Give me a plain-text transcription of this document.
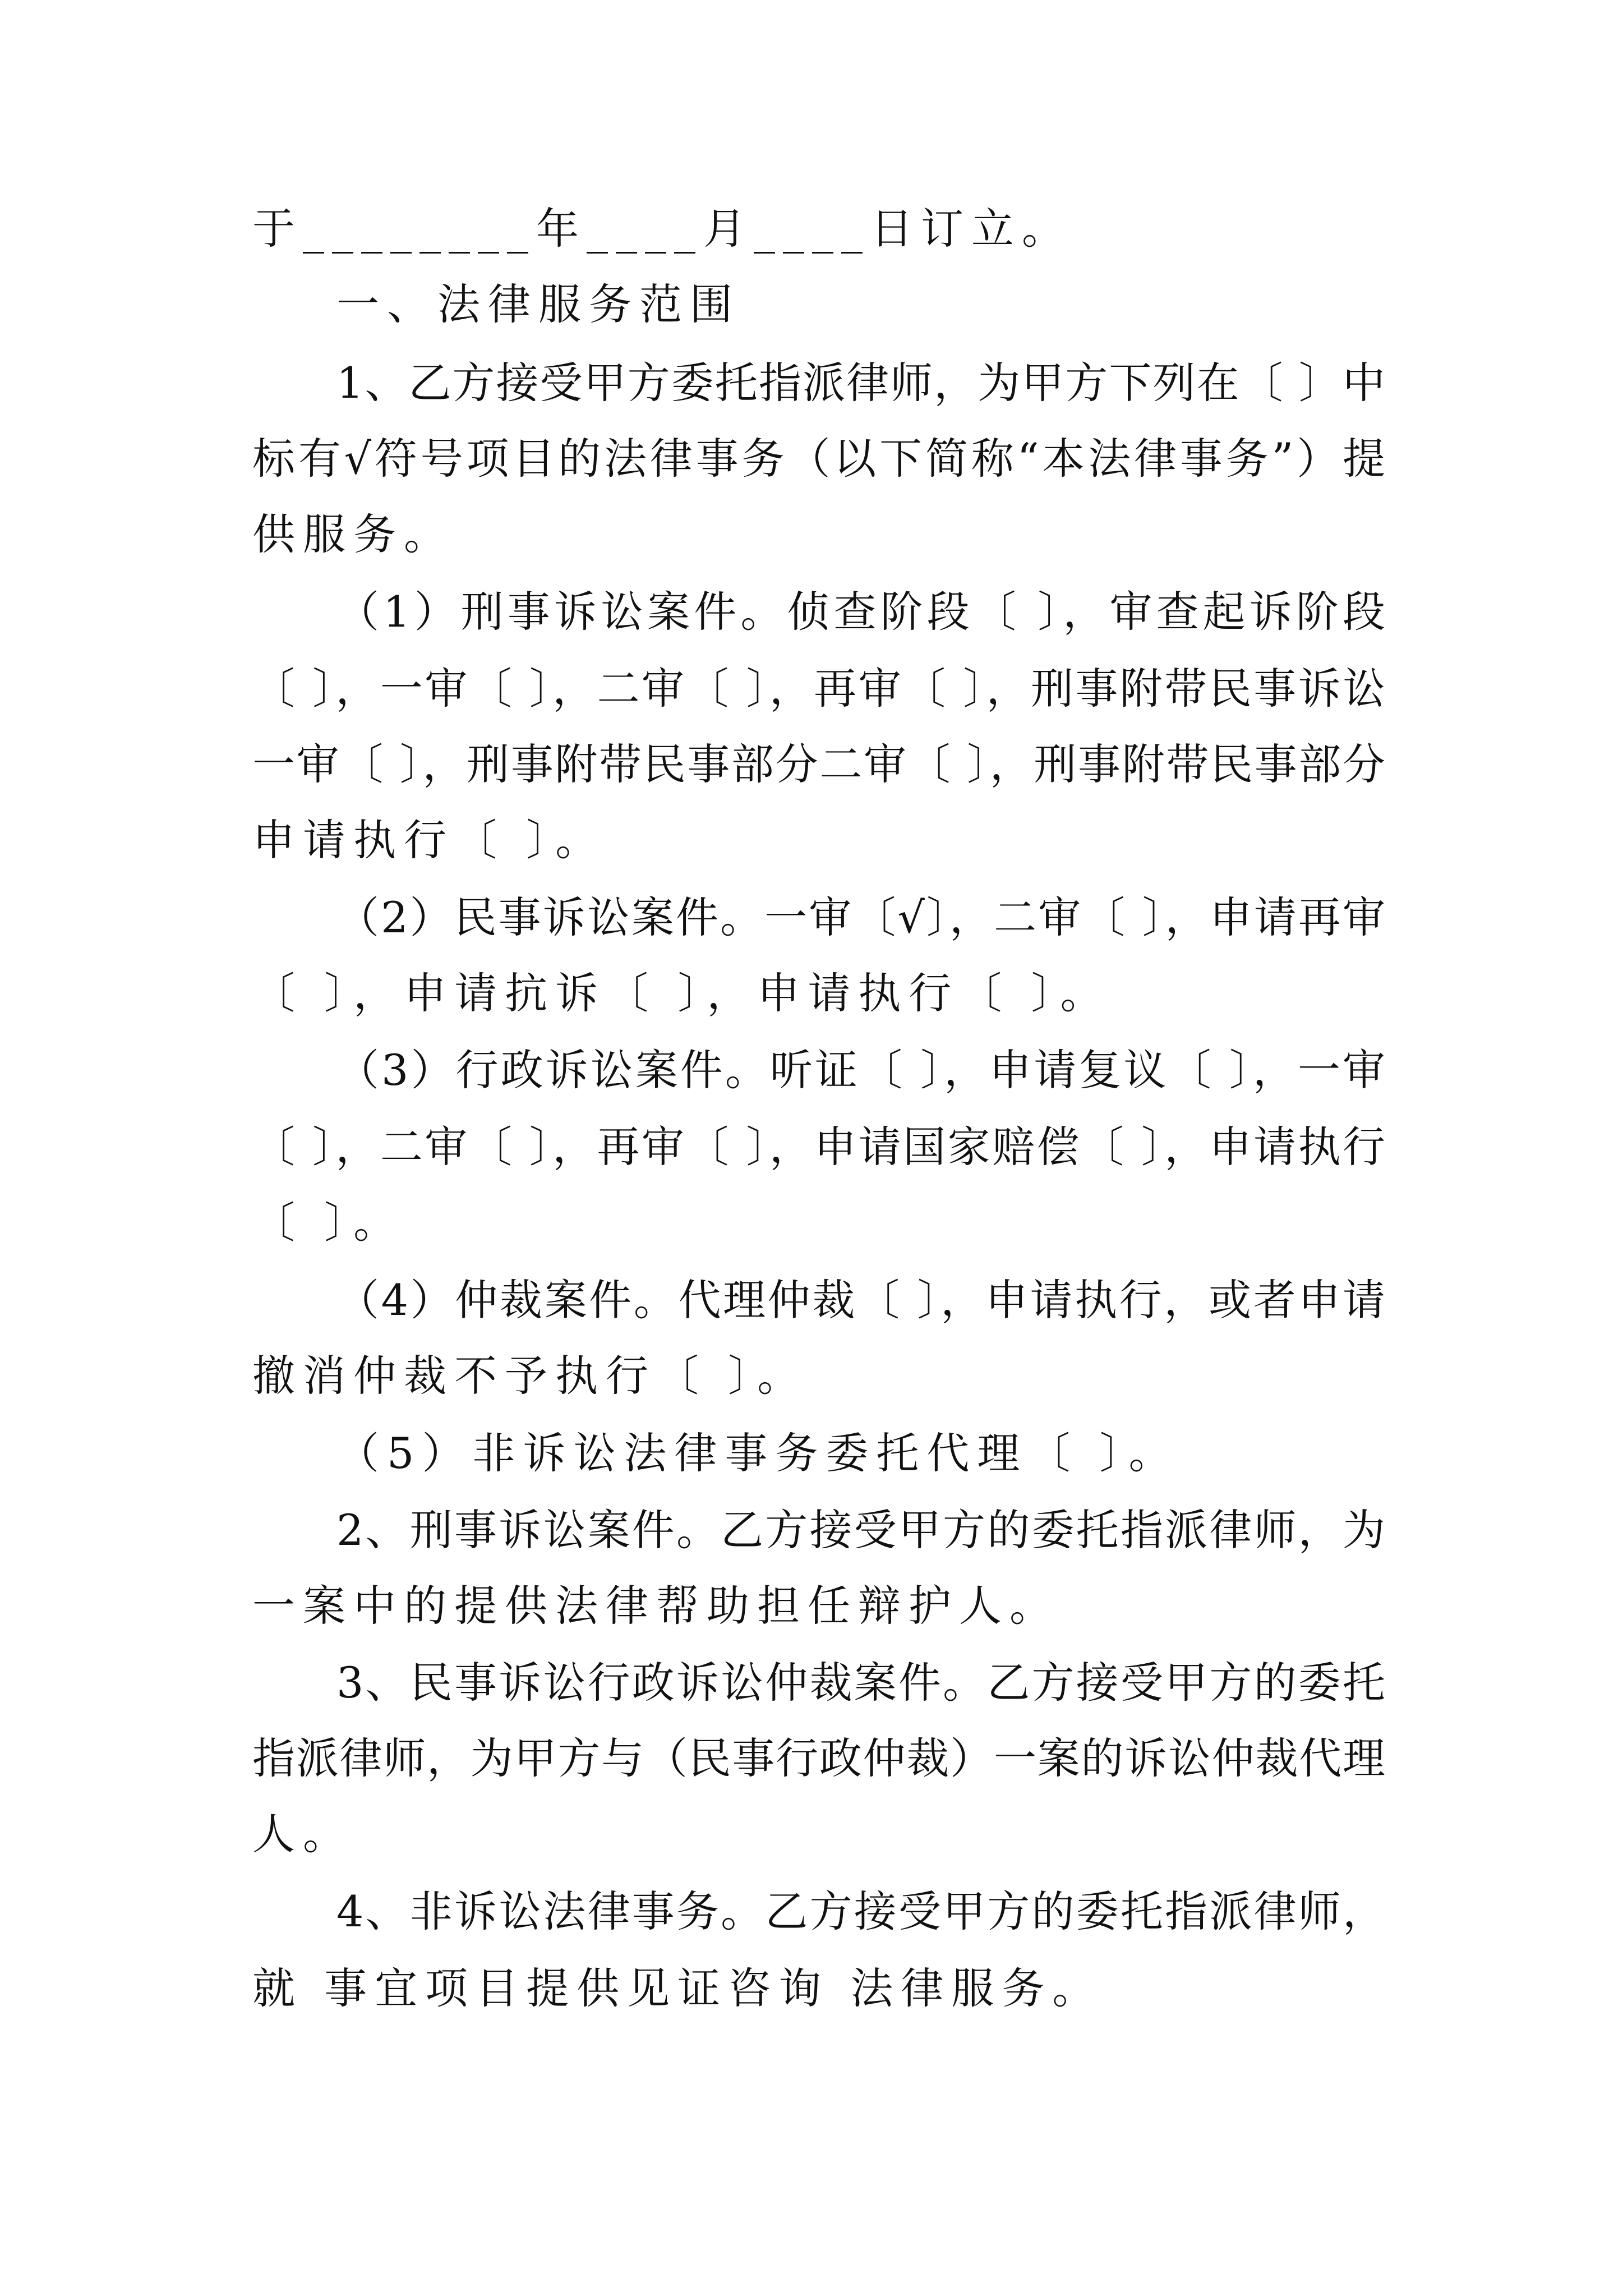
于________年____月____日订立。
一、法律服务范围
1、乙方接受甲方委托指派律师，为甲方下列在〔 〕中
标有√符号项目的法律事务（以下简称“本法律事务”）提
供服务。
（1）刑事诉讼案件。侦查阶段〔 〕，审查起诉阶段
〔 〕，一审〔 〕，二审〔 〕，再审〔 〕，刑事附带民事诉讼
一审〔 〕，刑事附带民事部分二审〔 〕，刑事附带民事部分
申请执行〔 〕。
（2）民事诉讼案件。一审〔√〕，二审〔 〕，申请再审
〔 〕，申请抗诉〔 〕，申请执行〔 〕。
（3）行政诉讼案件。听证〔 〕，申请复议〔 〕，一审
〔 〕，二审〔 〕，再审〔 〕，申请国家赔偿〔 〕，申请执行
〔 〕。
（4）仲裁案件。代理仲裁〔 〕，申请执行，或者申请
撤消仲裁不予执行〔 〕。
（5）非诉讼法律事务委托代理〔 〕。
2、刑事诉讼案件。乙方接受甲方的委托指派律师，为
一案中的提供法律帮助担任辩护人。
3、民事诉讼行政诉讼仲裁案件。乙方接受甲方的委托
指派律师，为甲方与（民事行政仲裁）一案的诉讼仲裁代理
人。
4、非诉讼法律事务。乙方接受甲方的委托指派律师，
就 事宜项目提供见证咨询 法律服务。
